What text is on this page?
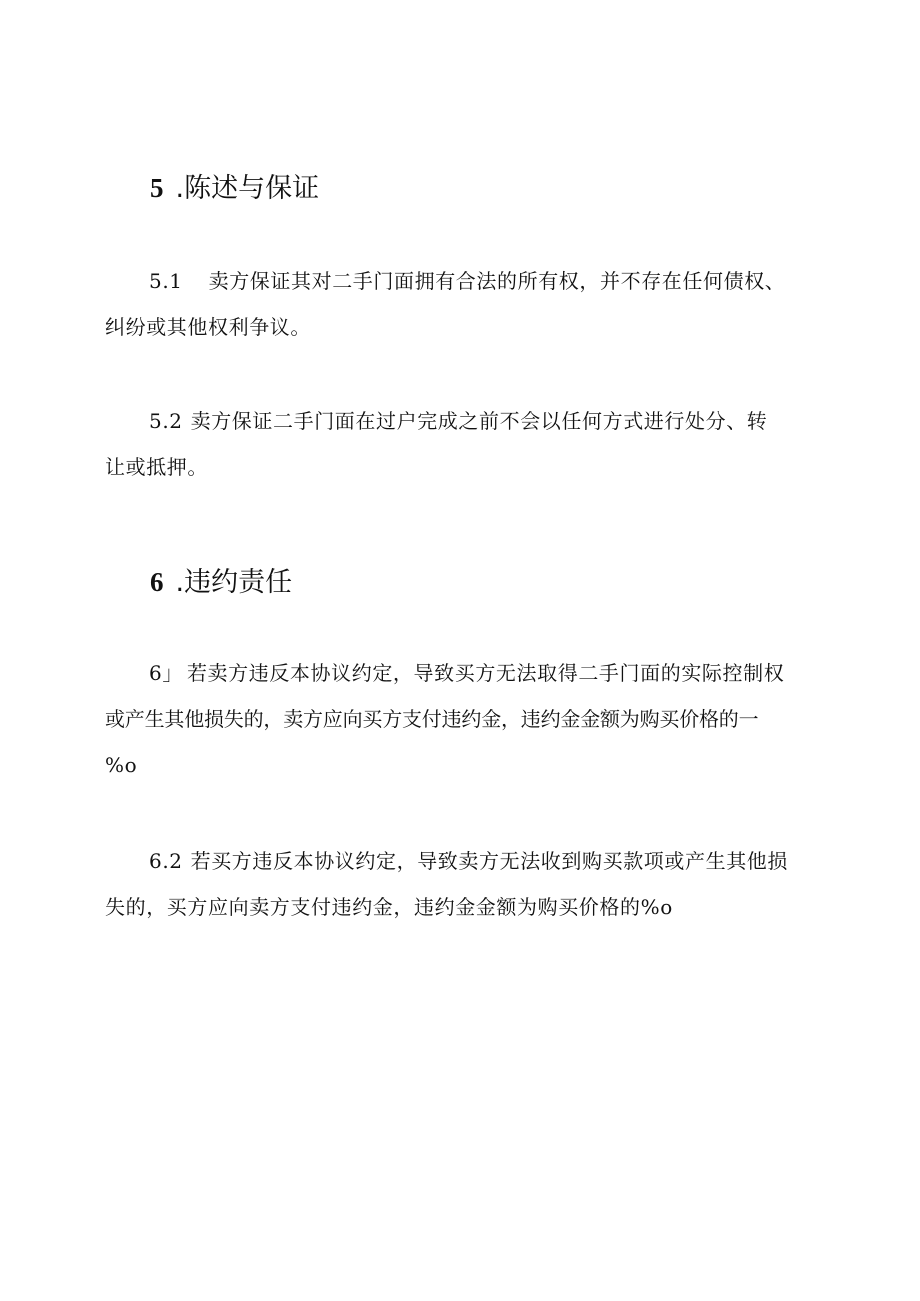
5 .陈述与保证

5.1 卖方保证其对二手门面拥有合法的所有权，并不存在任何债权、
纠纷或其他权利争议。

5.2 卖方保证二手门面在过户完成之前不会以任何方式进行处分、转
让或抵押。

6 .违约责任

6」 若卖方违反本协议约定，导致买方无法取得二手门面的实际控制权
或产生其他损失的，卖方应向买方支付违约金，违约金金额为购买价格的一
%o

6.2 若买方违反本协议约定，导致卖方无法收到购买款项或产生其他损
失的，买方应向卖方支付违约金，违约金金额为购买价格的%o
